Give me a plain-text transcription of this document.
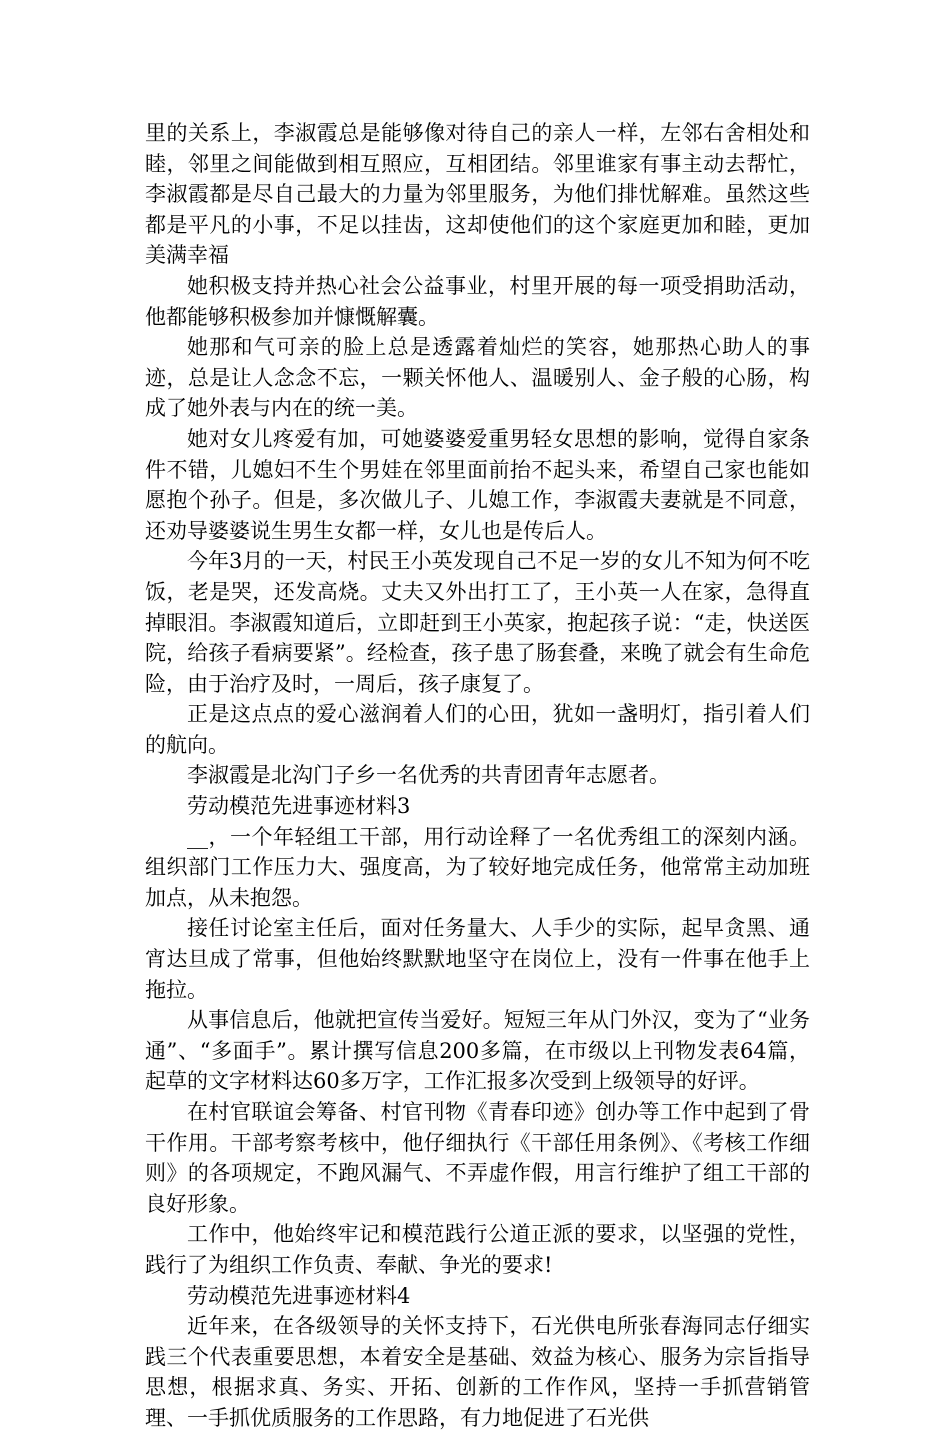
里的关系上，李淑霞总是能够像对待自己的亲人一样，左邻右舍相处和睦，邻里之间能做到相互照应，互相团结。邻里谁家有事主动去帮忙，李淑霞都是尽自己最大的力量为邻里服务，为他们排忧解难。虽然这些都是平凡的小事，不足以挂齿，这却使他们的这个家庭更加和睦，更加美满幸福

她积极支持并热心社会公益事业，村里开展的每一项受捐助活动，他都能够积极参加并慷慨解囊。

她那和气可亲的脸上总是透露着灿烂的笑容，她那热心助人的事迹，总是让人念念不忘，一颗关怀他人、温暖别人、金子般的心肠，构成了她外表与内在的统一美。

她对女儿疼爱有加，可她婆婆爱重男轻女思想的影响，觉得自家条件不错，儿媳妇不生个男娃在邻里面前抬不起头来，希望自己家也能如愿抱个孙子。但是，多次做儿子、儿媳工作，李淑霞夫妻就是不同意，还劝导婆婆说生男生女都一样，女儿也是传后人。

今年3月的一天，村民王小英发现自己不足一岁的女儿不知为何不吃饭，老是哭，还发高烧。丈夫又外出打工了，王小英一人在家，急得直掉眼泪。李淑霞知道后，立即赶到王小英家，抱起孩子说：“走，快送医院，给孩子看病要紧”。经检查，孩子患了肠套叠，来晚了就会有生命危险，由于治疗及时，一周后，孩子康复了。

正是这点点的爱心滋润着人们的心田，犹如一盏明灯，指引着人们的航向。

李淑霞是北沟门子乡一名优秀的共青团青年志愿者。

劳动模范先进事迹材料3

__，一个年轻组工干部，用行动诠释了一名优秀组工的深刻内涵。组织部门工作压力大、强度高，为了较好地完成任务，他常常主动加班加点，从未抱怨。

接任讨论室主任后，面对任务量大、人手少的实际，起早贪黑、通宵达旦成了常事，但他始终默默地坚守在岗位上，没有一件事在他手上拖拉。

从事信息后，他就把宣传当爱好。短短三年从门外汉，变为了“业务通”、“多面手”。累计撰写信息200多篇，在市级以上刊物发表64篇，起草的文字材料达60多万字，工作汇报多次受到上级领导的好评。

在村官联谊会筹备、村官刊物《青春印迹》创办等工作中起到了骨干作用。干部考察考核中，他仔细执行《干部任用条例》、《考核工作细则》的各项规定，不跑风漏气、不弄虚作假，用言行维护了组工干部的良好形象。

工作中，他始终牢记和模范践行公道正派的要求，以坚强的党性，践行了为组织工作负责、奉献、争光的要求!

劳动模范先进事迹材料4

近年来，在各级领导的关怀支持下，石光供电所张春海同志仔细实践三个代表重要思想，本着安全是基础、效益为核心、服务为宗旨指导思想，根据求真、务实、开拓、创新的工作作风，坚持一手抓营销管理、一手抓优质服务的工作思路，有力地促进了石光供
